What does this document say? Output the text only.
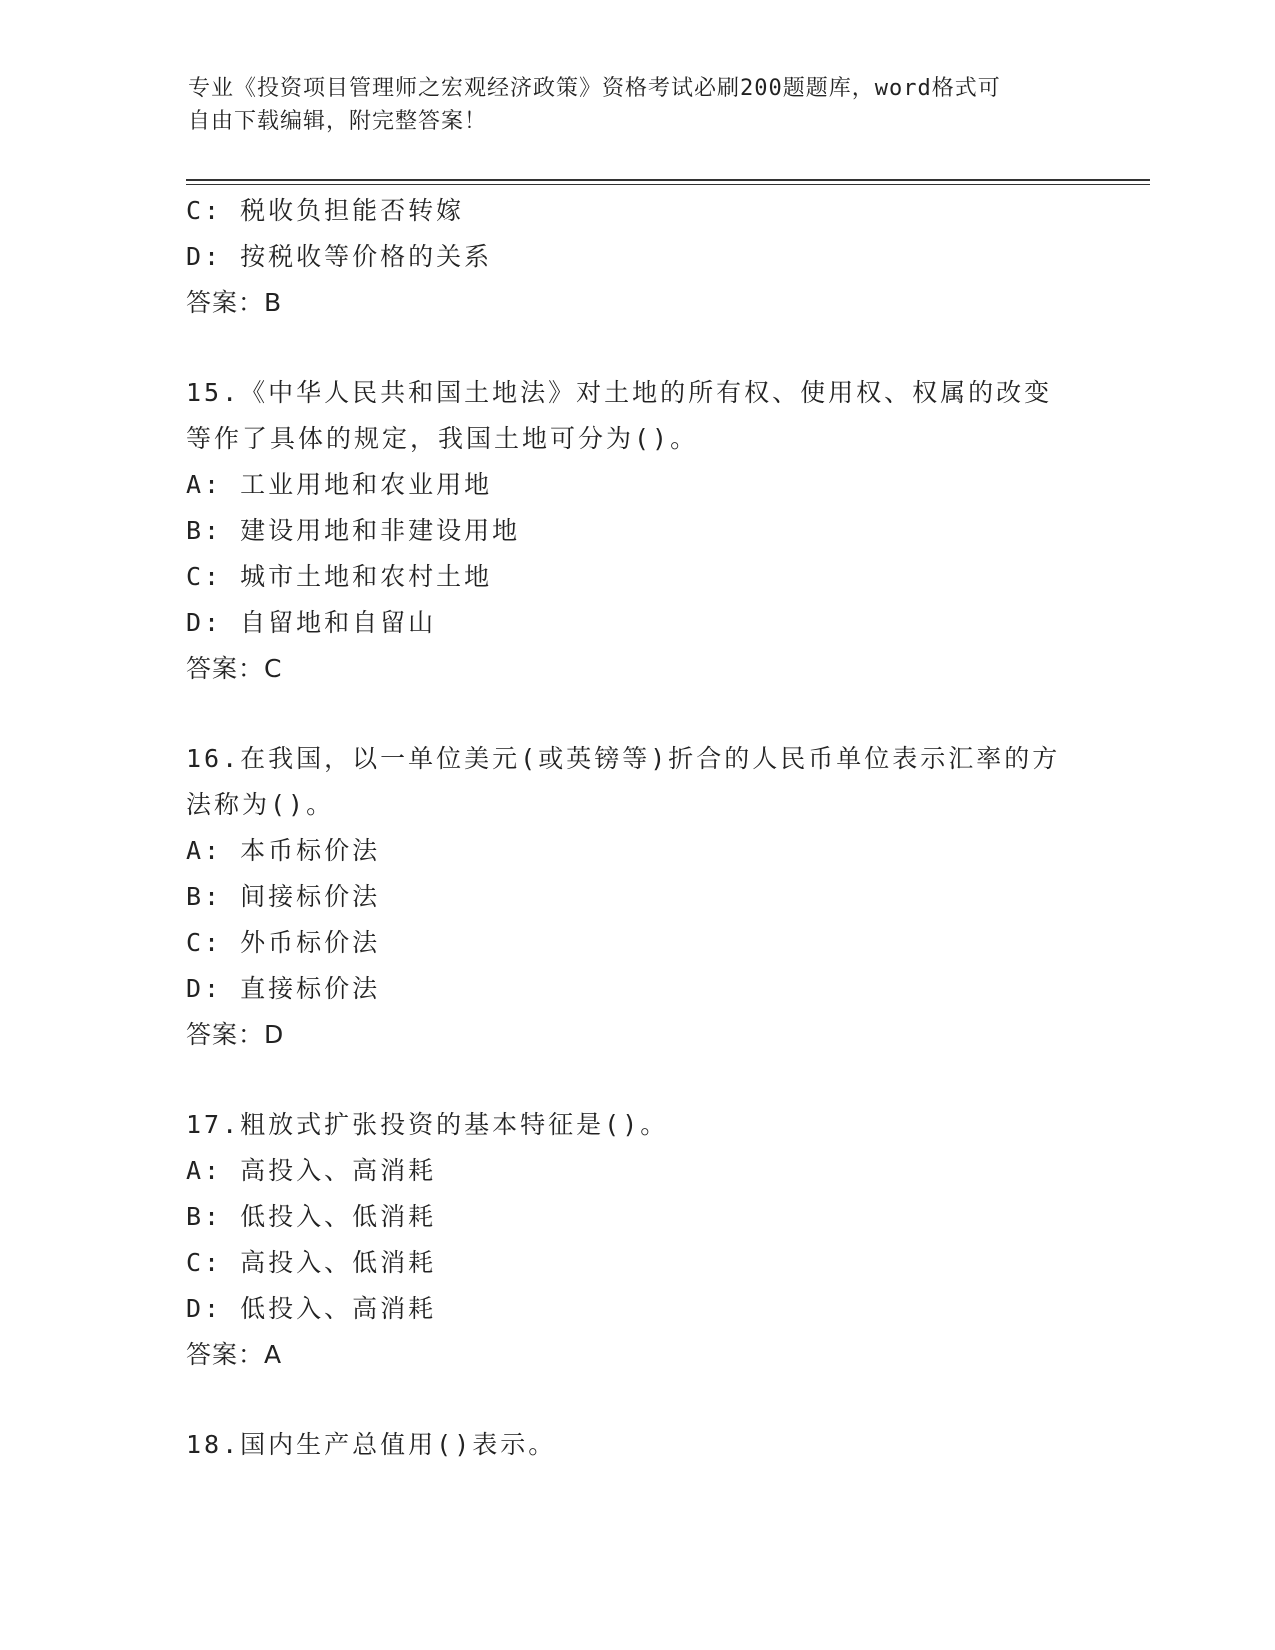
专业《投资项目管理师之宏观经济政策》资格考试必刷200题题库，word格式可
自由下载编辑，附完整答案！
C: 税收负担能否转嫁
D: 按税收等价格的关系
答案：B
15.《中华人民共和国土地法》对土地的所有权、使用权、权属的改变
等作了具体的规定，我国土地可分为()。
A: 工业用地和农业用地
B: 建设用地和非建设用地
C: 城市土地和农村土地
D: 自留地和自留山
答案：C
16.在我国，以一单位美元(或英镑等)折合的人民币单位表示汇率的方
法称为()。
A: 本币标价法
B: 间接标价法
C: 外币标价法
D: 直接标价法
答案：D
17.粗放式扩张投资的基本特征是()。
A: 高投入、高消耗
B: 低投入、低消耗
C: 高投入、低消耗
D: 低投入、高消耗
答案：A
18.国内生产总值用()表示。
